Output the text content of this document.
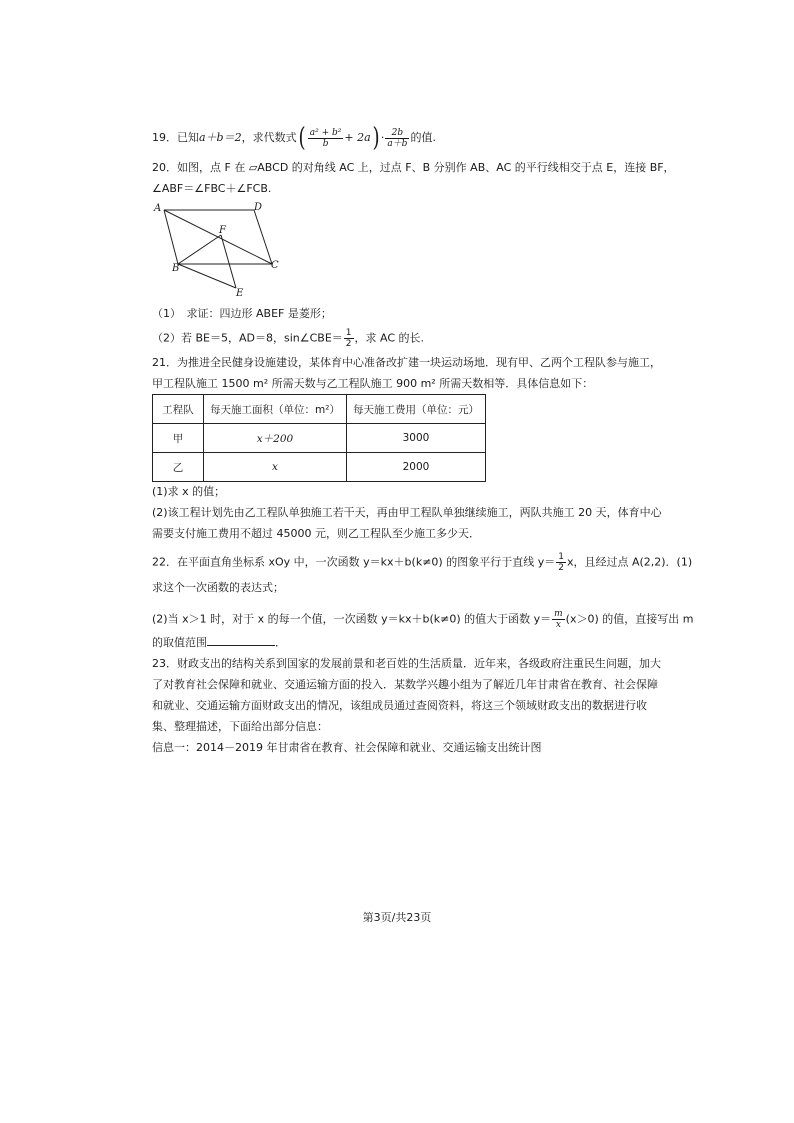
19．已知a＋b＝2，求代数式( $\frac{\text{a² + b²}}{b} + 2a) \cdot \frac{2b}{a+b}$ 的值.
20．如图，点 F 在 ▱ABCD 的对角线 AC 上，过点 F、B 分别作 AB、AC 的平行线相交于点 E，连接 BF，
∠ABF＝∠FBC＋∠FCB.
A	D
F
B	C
E
（1）　求证：四边形 ABEF 是菱形；
（2）若 BE＝5，AD＝8，sin∠CBE＝ $\frac{1}{2}$ ，求 AC 的长.
21．为推进全民健身设施建设，某体育中心准备改扩建一块运动场地．现有甲、乙两个工程队参与施工，
甲工程队施工 1500 m² 所需天数与乙工程队施工 900 m² 所需天数相等．具体信息如下：
工程队	每天施工面积（单位：m²）	每天施工费用（单位：元）
甲	x＋200	3000
乙	x	2000
(1)求 x 的值；
(2)该工程计划先由乙工程队单独施工若干天，再由甲工程队单独继续施工，两队共施工 20 天，体育中心
需要支付施工费用不超过 45000 元，则乙工程队至少施工多少天．
22．在平面直角坐标系 xOy 中，一次函数 y＝kx＋b(k≠0) 的图象平行于直线 $y= \frac{1}{2}$ x，且经过点 A(2,2)．(1)
求这个一次函数的表达式；
(2)当 x＞1 时，对于 x 的每一个值，一次函数 y＝kx＋b(k≠0) 的值大于函数 $y= \frac{m}{x} (x>0)$ 的值，直接写出 m
的取值范围	．
23．财政支出的结构关系到国家的发展前景和老百姓的生活质量．近年来，各级政府注重民生问题，加大
了对教育社会保障和就业、交通运输方面的投入．某数学兴趣小组为了解近几年甘肃省在教育、社会保障
和就业、交通运输方面财政支出的情况，该组成员通过查阅资料，将这三个领域财政支出的数据进行收
集、整理描述，下面给出部分信息：
信息一：2014－2019 年甘肃省在教育、社会保障和就业、交通运输支出统计图
第3页/共23页
